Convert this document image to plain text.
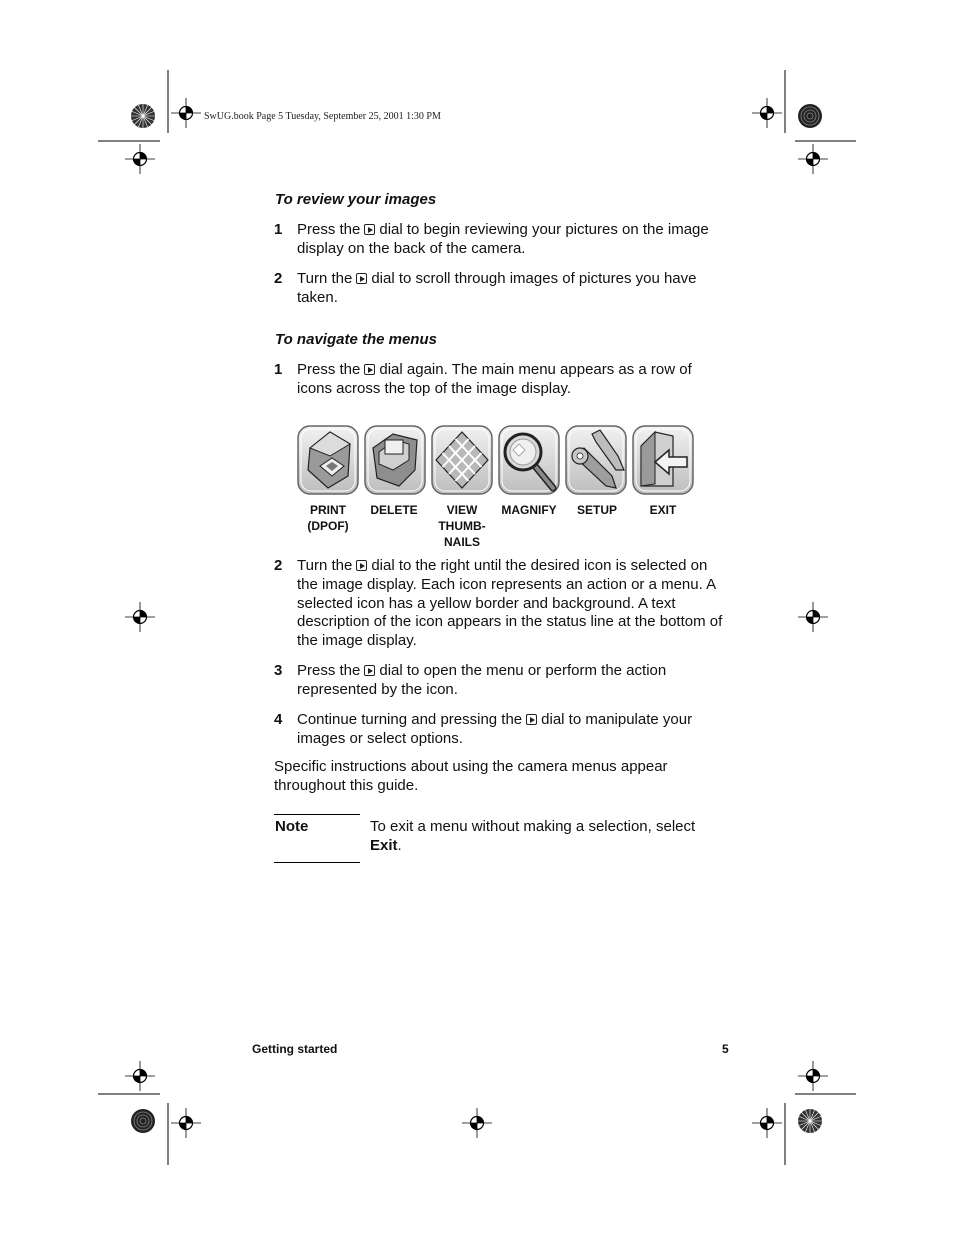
SwUG.book Page 5 Tuesday, September 25, 2001 1:30 PM
To review your images
1 Press the dial to begin reviewing your pictures on the image display on the back of the camera.
2 Turn the dial to scroll through images of pictures you have taken.
To navigate the menus
1 Press the dial again. The main menu appears as a row of icons across the top of the image display.
PRINT
(DPOF)
DELETE	VIEW
THUMB-
NAILS
MAGNIFY	SETUP	EXIT
2 Turn the dial to the right until the desired icon is selected on the image display. Each icon represents an action or a menu. A selected icon has a yellow border and background. A text description of the icon appears in the status line at the bottom of the image display.
3 Press the dial to open the menu or perform the action represented by the icon.
4 Continue turning and pressing the dial to manipulate your images or select options.
Specific instructions about using the camera menus appear throughout this guide.
Note	To exit a menu without making a selection, select
Exit.
Getting started	5
